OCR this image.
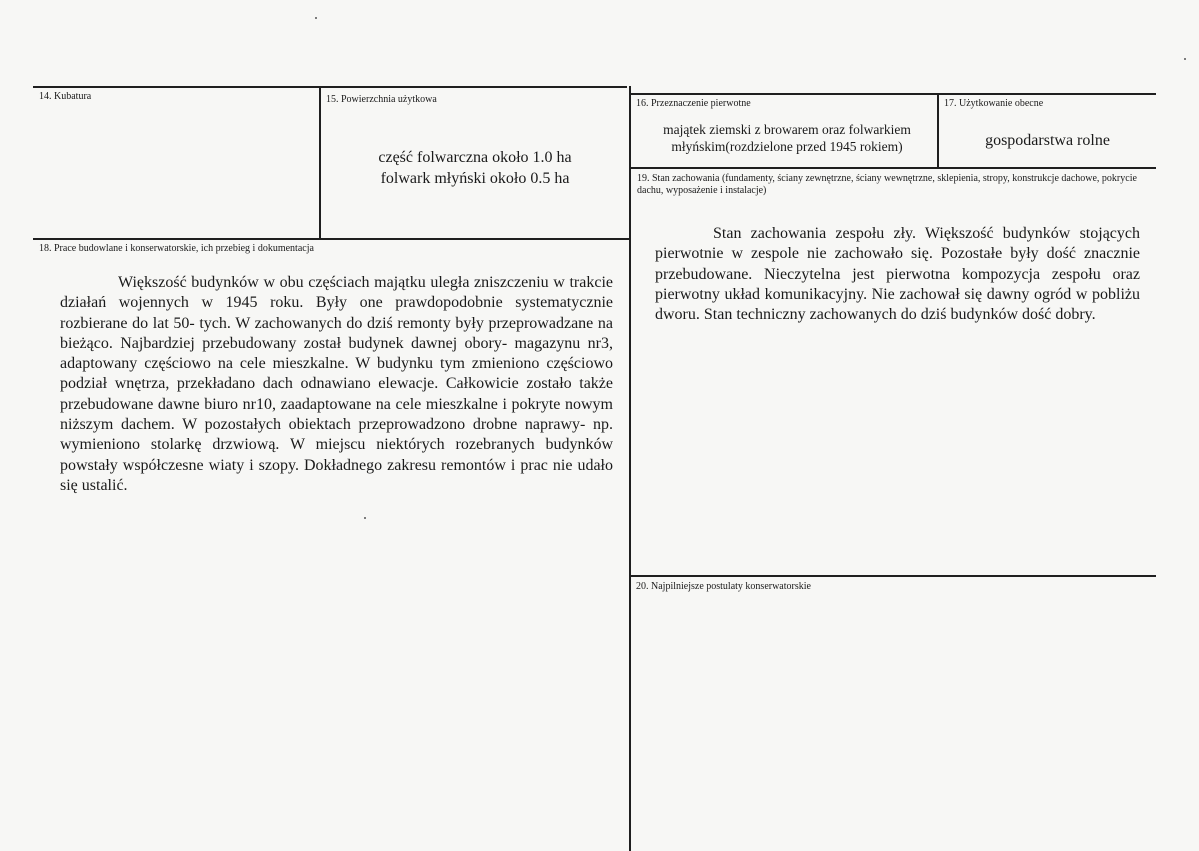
14. Kubatura	15. Powierzchnia użytkowa
część folwarczna około 1.0 ha
folwark młyński około 0.5 ha
16. Przeznaczenie pierwotne
majątek ziemski z browarem oraz folwarkiem
młyńskim(rozdzielone przed 1945 rokiem)
17. Użytkowanie obecne
gospodarstwa rolne
19. Stan zachowania (fundamenty, ściany zewnętrzne, ściany wewnętrzne, sklepienia, stropy, konstrukcje dachowe, pokrycie dachu, wyposażenie i instalacje)
Stan zachowania zespołu zły. Większość budynków stojących pierwotnie w zespole nie zachowało się. Pozostałe były dość znacznie przebudowane. Nieczytelna jest pierwotna kompozycja zespołu oraz pierwotny układ komunikacyjny. Nie zachował się dawny ogród w pobliżu dworu. Stan techniczny zachowanych do dziś budynków dość dobry.
18. Prace budowlane i konserwatorskie, ich przebieg i dokumentacja
Większość budynków w obu częściach majątku uległa zniszczeniu w trakcie działań wojennych w 1945 roku. Były one prawdopodobnie systematycznie rozbierane do lat 50- tych. W zachowanych do dziś remonty były przeprowadzane na bieżąco. Najbardziej przebudowany został budynek dawnej obory- magazynu nr3, adaptowany częściowo na cele mieszkalne. W budynku tym zmieniono częściowo podział wnętrza, przekładano dach odnawiano elewacje. Całkowicie zostało także przebudowane dawne biuro nr10, zaadaptowane na cele mieszkalne i pokryte nowym niższym dachem. W pozostałych obiektach przeprowadzono drobne naprawy- np. wymieniono stolarkę drzwiową. W miejscu niektórych rozebranych budynków powstały współczesne wiaty i szopy. Dokładnego zakresu remontów i prac nie udało się ustalić.
20. Najpilniejsze postulaty konserwatorskie
